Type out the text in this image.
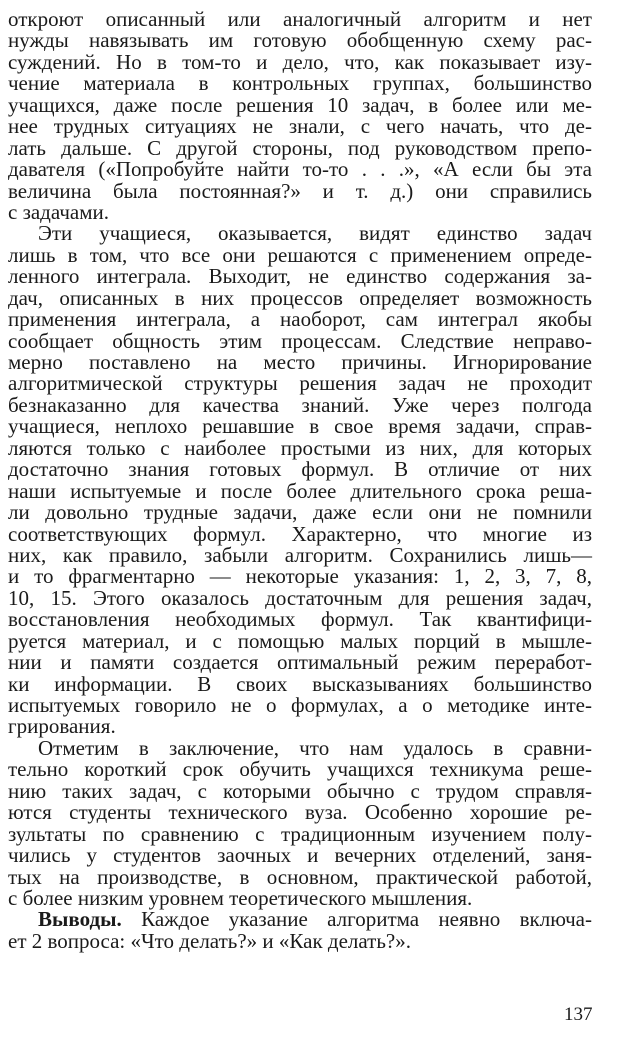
откроют описанный или аналогичный алгоритм и нет
нужды навязывать им готовую обобщенную схему рас-
суждений. Но в том-то и дело, что, как показывает изу-
чение материала в контрольных группах, большинство
учащихся, даже после решения 10 задач, в более или ме-
нее трудных ситуациях не знали, с чего начать, что де-
лать дальше. С другой стороны, под руководством препо-
давателя («Попробуйте найти то-то . . .», «А если бы эта
величина была постоянная?» и т. д.) они справились
с задачами.
Эти учащиеся, оказывается, видят единство задач
лишь в том, что все они решаются с применением опреде-
ленного интеграла. Выходит, не единство содержания за-
дач, описанных в них процессов определяет возможность
применения интеграла, а наоборот, сам интеграл якобы
сообщает общность этим процессам. Следствие неправо-
мерно поставлено на место причины. Игнорирование
алгоритмической структуры решения задач не проходит
безнаказанно для качества знаний. Уже через полгода
учащиеся, неплохо решавшие в свое время задачи, справ-
ляются только с наиболее простыми из них, для которых
достаточно знания готовых формул. В отличие от них
наши испытуемые и после более длительного срока реша-
ли довольно трудные задачи, даже если они не помнили
соответствующих формул. Характерно, что многие из
них, как правило, забыли алгоритм. Сохранились лишь—
и то фрагментарно — некоторые указания: 1, 2, 3, 7, 8,
10, 15. Этого оказалось достаточным для решения задач,
восстановления необходимых формул. Так квантифици-
руется материал, и с помощью малых порций в мышле-
нии и памяти создается оптимальный режим переработ-
ки информации. В своих высказываниях большинство
испытуемых говорило не о формулах, а о методике инте-
грирования.
Отметим в заключение, что нам удалось в сравни-
тельно короткий срок обучить учащихся техникума реше-
нию таких задач, с которыми обычно с трудом справля-
ются студенты технического вуза. Особенно хорошие ре-
зультаты по сравнению с традиционным изучением полу-
чились у студентов заочных и вечерних отделений, заня-
тых на производстве, в основном, практической работой,
с более низким уровнем теоретического мышления.
Выводы. Каждое указание алгоритма неявно включа-
ет 2 вопроса: «Что делать?» и «Как делать?».
137
